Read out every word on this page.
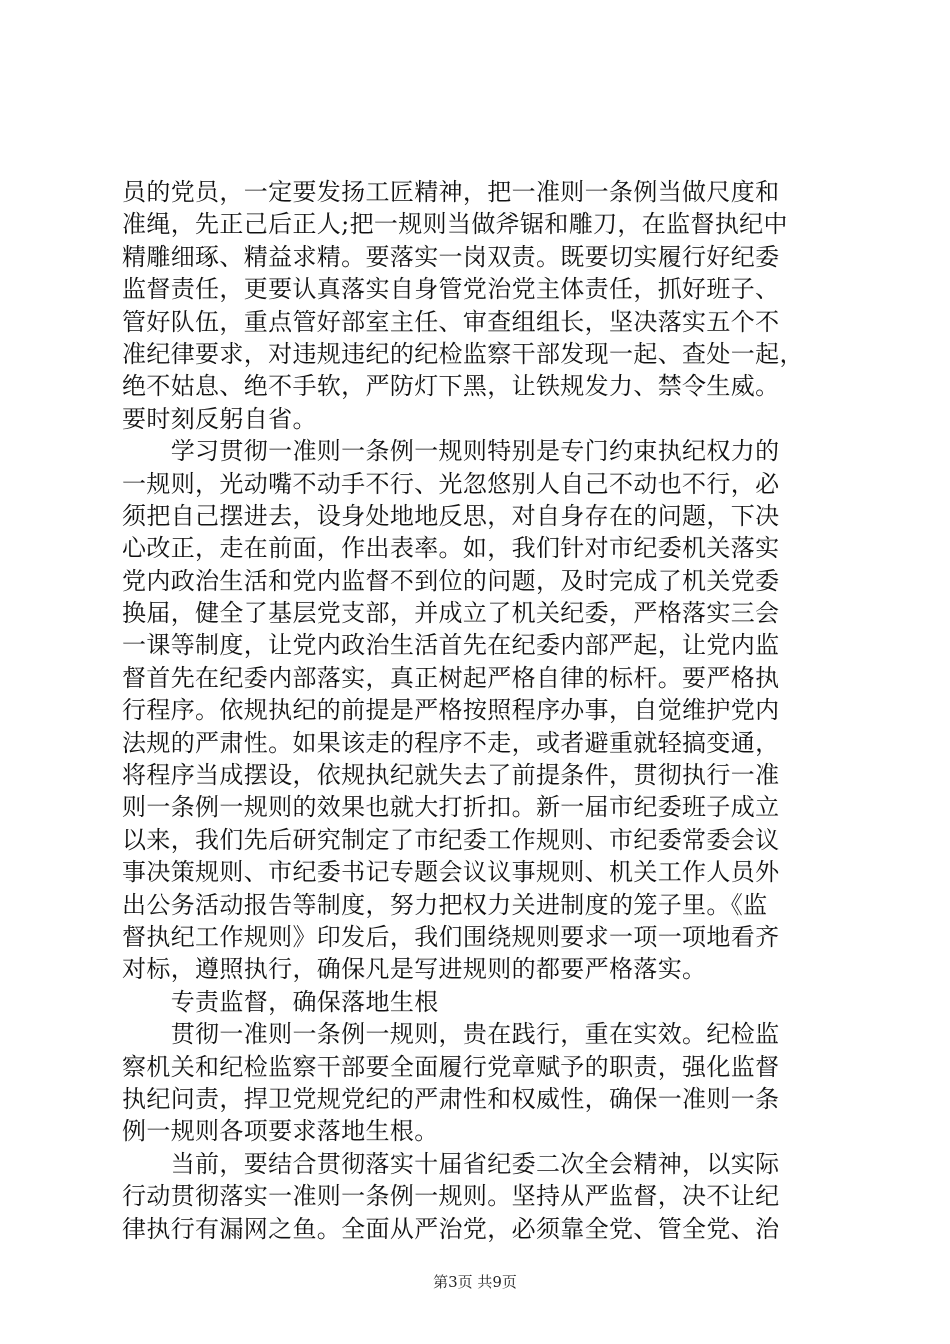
员的党员，一定要发扬工匠精神，把一准则一条例当做尺度和
准绳，先正己后正人;把一规则当做斧锯和雕刀，在监督执纪中
精雕细琢、精益求精。要落实一岗双责。既要切实履行好纪委
监督责任，更要认真落实自身管党治党主体责任，抓好班子、
管好队伍，重点管好部室主任、审查组组长，坚决落实五个不
准纪律要求，对违规违纪的纪检监察干部发现一起、查处一起，
绝不姑息、绝不手软，严防灯下黑，让铁规发力、禁令生威。
要时刻反躬自省。
　　学习贯彻一准则一条例一规则特别是专门约束执纪权力的
一规则，光动嘴不动手不行、光忽悠别人自己不动也不行，必
须把自己摆进去，设身处地地反思，对自身存在的问题，下决
心改正，走在前面，作出表率。如，我们针对市纪委机关落实
党内政治生活和党内监督不到位的问题，及时完成了机关党委
换届，健全了基层党支部，并成立了机关纪委，严格落实三会
一课等制度，让党内政治生活首先在纪委内部严起，让党内监
督首先在纪委内部落实，真正树起严格自律的标杆。要严格执
行程序。依规执纪的前提是严格按照程序办事，自觉维护党内
法规的严肃性。如果该走的程序不走，或者避重就轻搞变通，
将程序当成摆设，依规执纪就失去了前提条件，贯彻执行一准
则一条例一规则的效果也就大打折扣。新一届市纪委班子成立
以来，我们先后研究制定了市纪委工作规则、市纪委常委会议
事决策规则、市纪委书记专题会议议事规则、机关工作人员外
出公务活动报告等制度，努力把权力关进制度的笼子里。《监
督执纪工作规则》印发后，我们围绕规则要求一项一项地看齐
对标，遵照执行，确保凡是写进规则的都要严格落实。
　　专责监督，确保落地生根
　　贯彻一准则一条例一规则，贵在践行，重在实效。纪检监
察机关和纪检监察干部要全面履行党章赋予的职责，强化监督
执纪问责，捍卫党规党纪的严肃性和权威性，确保一准则一条
例一规则各项要求落地生根。
　　当前，要结合贯彻落实十届省纪委二次全会精神，以实际
行动贯彻落实一准则一条例一规则。坚持从严监督，决不让纪
律执行有漏网之鱼。全面从严治党，必须靠全党、管全党、治
第3页 共9页
